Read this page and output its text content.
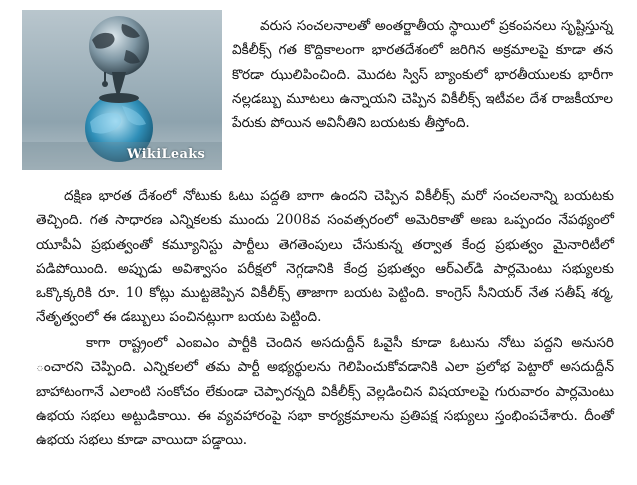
WikiLeaks

వరుస సంచలనాలతో అంతర్జాతీయ స్థాయిలో ప్రకంపనలు సృష్టిస్తున్న వికీలీక్స్ గత కొద్దికాలంగా భారతదేశంలో జరిగిన అక్రమాలపై కూడా తన కొరడా ఝులిపించింది. మొదట స్విస్ బ్యాంకులో భారతీయులకు భారీగా నల్లడబ్బు మూటలు ఉన్నాయని చెప్పిన వికీలీక్స్ ఇటీవల దేశ రాజకీయాల పేరుకు పోయిన అవినీతిని బయటకు తీస్తోంది.

దక్షిణ భారత దేశంలో నోటుకు ఓటు పద్దతి బాగా ఉందని చెప్పిన వికీలీక్స్ మరో సంచలనాన్ని బయటకు తెచ్చింది. గత సాధారణ ఎన్నికలకు ముందు 2008వ సంవత్సరంలో అమెరికాతో అణు ఒప్పందం నేపథ్యంలో యూపీఏ ప్రభుత్వంతో కమ్యూనిస్టు పార్టీలు తెగతెంపులు చేసుకున్న తర్వాత కేంద్ర ప్రభుత్వం మైనారిటీలో పడిపోయింది. అప్పుడు అవిశ్వాసం పరీక్షలో నెగ్గడానికి కేంద్ర ప్రభుత్వం ఆర్‌ఎల్‌డి పార్లమెంటు సభ్యులకు ఒక్కొక్కరికి రూ. 10 కోట్లు ముట్టజెప్పిన వికీలీక్స్ తాజాగా బయట పెట్టింది. కాంగ్రెస్ సీనియర్ నేత సతీష్ శర్మ, నేతృత్వంలో ఈ డబ్బులు పంచినట్లుగా బయట పెట్టింది.

కాగా రాష్ట్రంలో ఎంఐఎం పార్టీకి చెందిన అసదుద్దీన్ ఓవైసీ కూడా ఓటును నోటు పద్దని అనుసరి ంచారని చెప్పింది. ఎన్నికలలో తమ పార్టీ అభ్యర్థులను గెలిపించుకోవడానికి ఎలా ప్రలోభ పెట్టారో అసదుద్దీన్ బాహాటంగానే ఎలాంటి సంకోచం లేకుండా చెప్పారన్నది వికీలీక్స్ వెల్లడించిన విషయాలపై గురువారం పార్లమెంటు ఉభయ సభలు అట్టుడికాయి. ఈ వ్యవహారంపై సభా కార్యక్రమాలను ప్రతిపక్ష సభ్యులు స్తంభింపచేశారు. దీంతో ఉభయ సభలు కూడా వాయిదా పడ్డాయి.
